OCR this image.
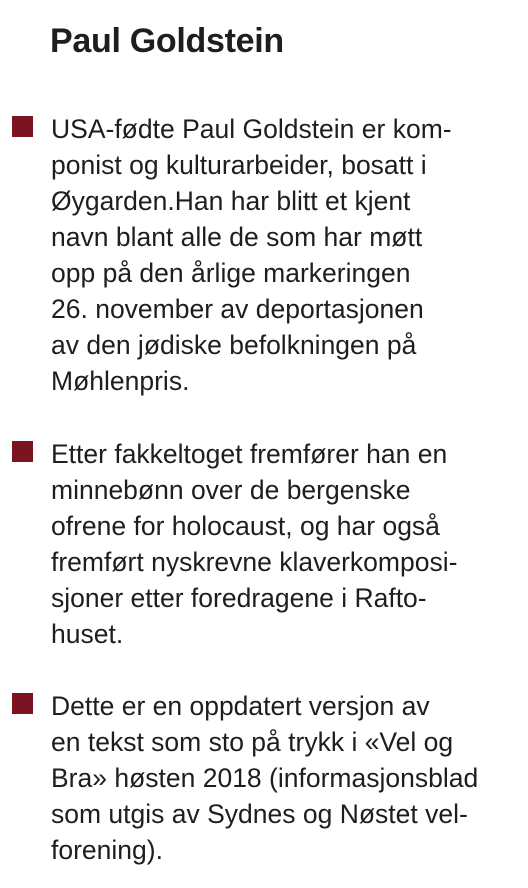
Paul Goldstein
USA-fødte Paul Goldstein er kom-
ponist og kulturarbeider, bosatt i
Øygarden.Han har blitt et kjent
navn blant alle de som har møtt
opp på den årlige markeringen
26. november av deportasjonen
av den jødiske befolkningen på
Møhlenpris.
Etter fakkeltoget fremfører han en
minnebønn over de bergenske
ofrene for holocaust, og har også
fremført nyskrevne klaverkomposi-
sjoner etter foredragene i Rafto-
huset.
Dette er en oppdatert versjon av
en tekst som sto på trykk i «Vel og
Bra» høsten 2018 (informasjonsblad
som utgis av Sydnes og Nøstet vel-
forening).
